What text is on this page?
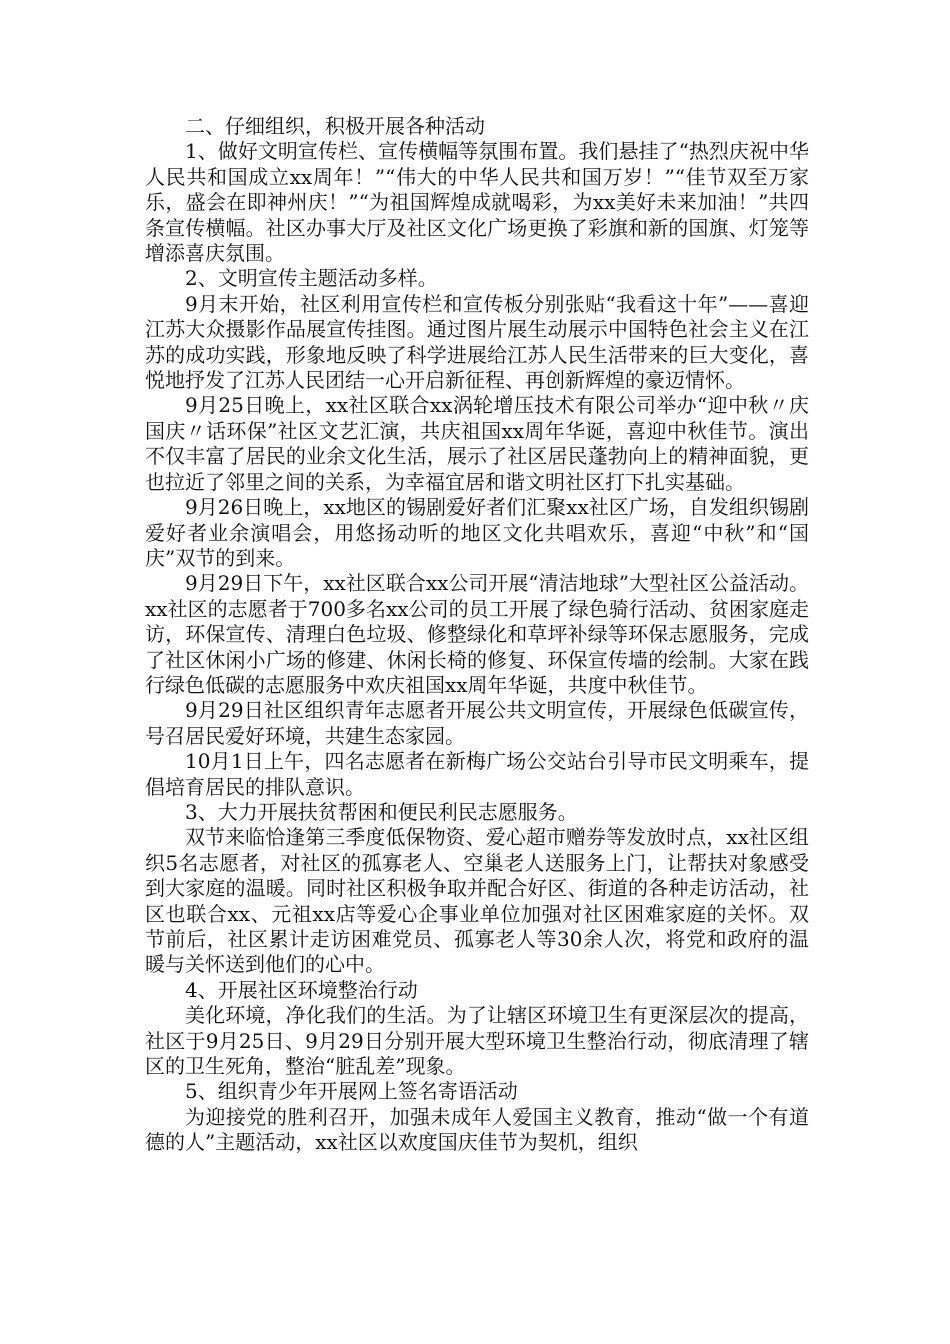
二、仔细组织，积极开展各种活动

1、做好文明宣传栏、宣传横幅等氛围布置。我们悬挂了“热烈庆祝中华人民共和国成立xx周年！”“伟大的中华人民共和国万岁！”“佳节双至万家乐，盛会在即神州庆！”“为祖国辉煌成就喝彩，为xx美好未来加油！”共四条宣传横幅。社区办事大厅及社区文化广场更换了彩旗和新的国旗、灯笼等增添喜庆氛围。

2、文明宣传主题活动多样。

9月末开始，社区利用宣传栏和宣传板分别张贴“我看这十年”——喜迎江苏大众摄影作品展宣传挂图。通过图片展生动展示中国特色社会主义在江苏的成功实践，形象地反映了科学进展给江苏人民生活带来的巨大变化，喜悦地抒发了江苏人民团结一心开启新征程、再创新辉煌的豪迈情怀。

9月25日晚上，xx社区联合xx涡轮增压技术有限公司举办“迎中秋〃庆国庆〃话环保”社区文艺汇演，共庆祖国xx周年华诞，喜迎中秋佳节。演出不仅丰富了居民的业余文化生活，展示了社区居民蓬勃向上的精神面貌，更也拉近了邻里之间的关系，为幸福宜居和谐文明社区打下扎实基础。

9月26日晚上，xx地区的锡剧爱好者们汇聚xx社区广场，自发组织锡剧爱好者业余演唱会，用悠扬动听的地区文化共唱欢乐，喜迎“中秋”和“国庆”双节的到来。

9月29日下午，xx社区联合xx公司开展“清洁地球”大型社区公益活动。xx社区的志愿者于700多名xx公司的员工开展了绿色骑行活动、贫困家庭走访，环保宣传、清理白色垃圾、修整绿化和草坪补绿等环保志愿服务，完成了社区休闲小广场的修建、休闲长椅的修复、环保宣传墙的绘制。大家在践行绿色低碳的志愿服务中欢庆祖国xx周年华诞，共度中秋佳节。

9月29日社区组织青年志愿者开展公共文明宣传，开展绿色低碳宣传，号召居民爱好环境，共建生态家园。

10月1日上午，四名志愿者在新梅广场公交站台引导市民文明乘车，提倡培育居民的排队意识。

3、大力开展扶贫帮困和便民利民志愿服务。

双节来临恰逢第三季度低保物资、爱心超市赠券等发放时点，xx社区组织5名志愿者，对社区的孤寡老人、空巢老人送服务上门，让帮扶对象感受到大家庭的温暖。同时社区积极争取并配合好区、街道的各种走访活动，社区也联合xx、元祖xx店等爱心企事业单位加强对社区困难家庭的关怀。双节前后，社区累计走访困难党员、孤寡老人等30余人次，将党和政府的温暖与关怀送到他们的心中。

4、开展社区环境整治行动

美化环境，净化我们的生活。为了让辖区环境卫生有更深层次的提高，社区于9月25日、9月29日分别开展大型环境卫生整治行动，彻底清理了辖区的卫生死角，整治“脏乱差”现象。

5、组织青少年开展网上签名寄语活动

为迎接党的胜利召开，加强未成年人爱国主义教育，推动“做一个有道德的人”主题活动，xx社区以欢度国庆佳节为契机，组织
